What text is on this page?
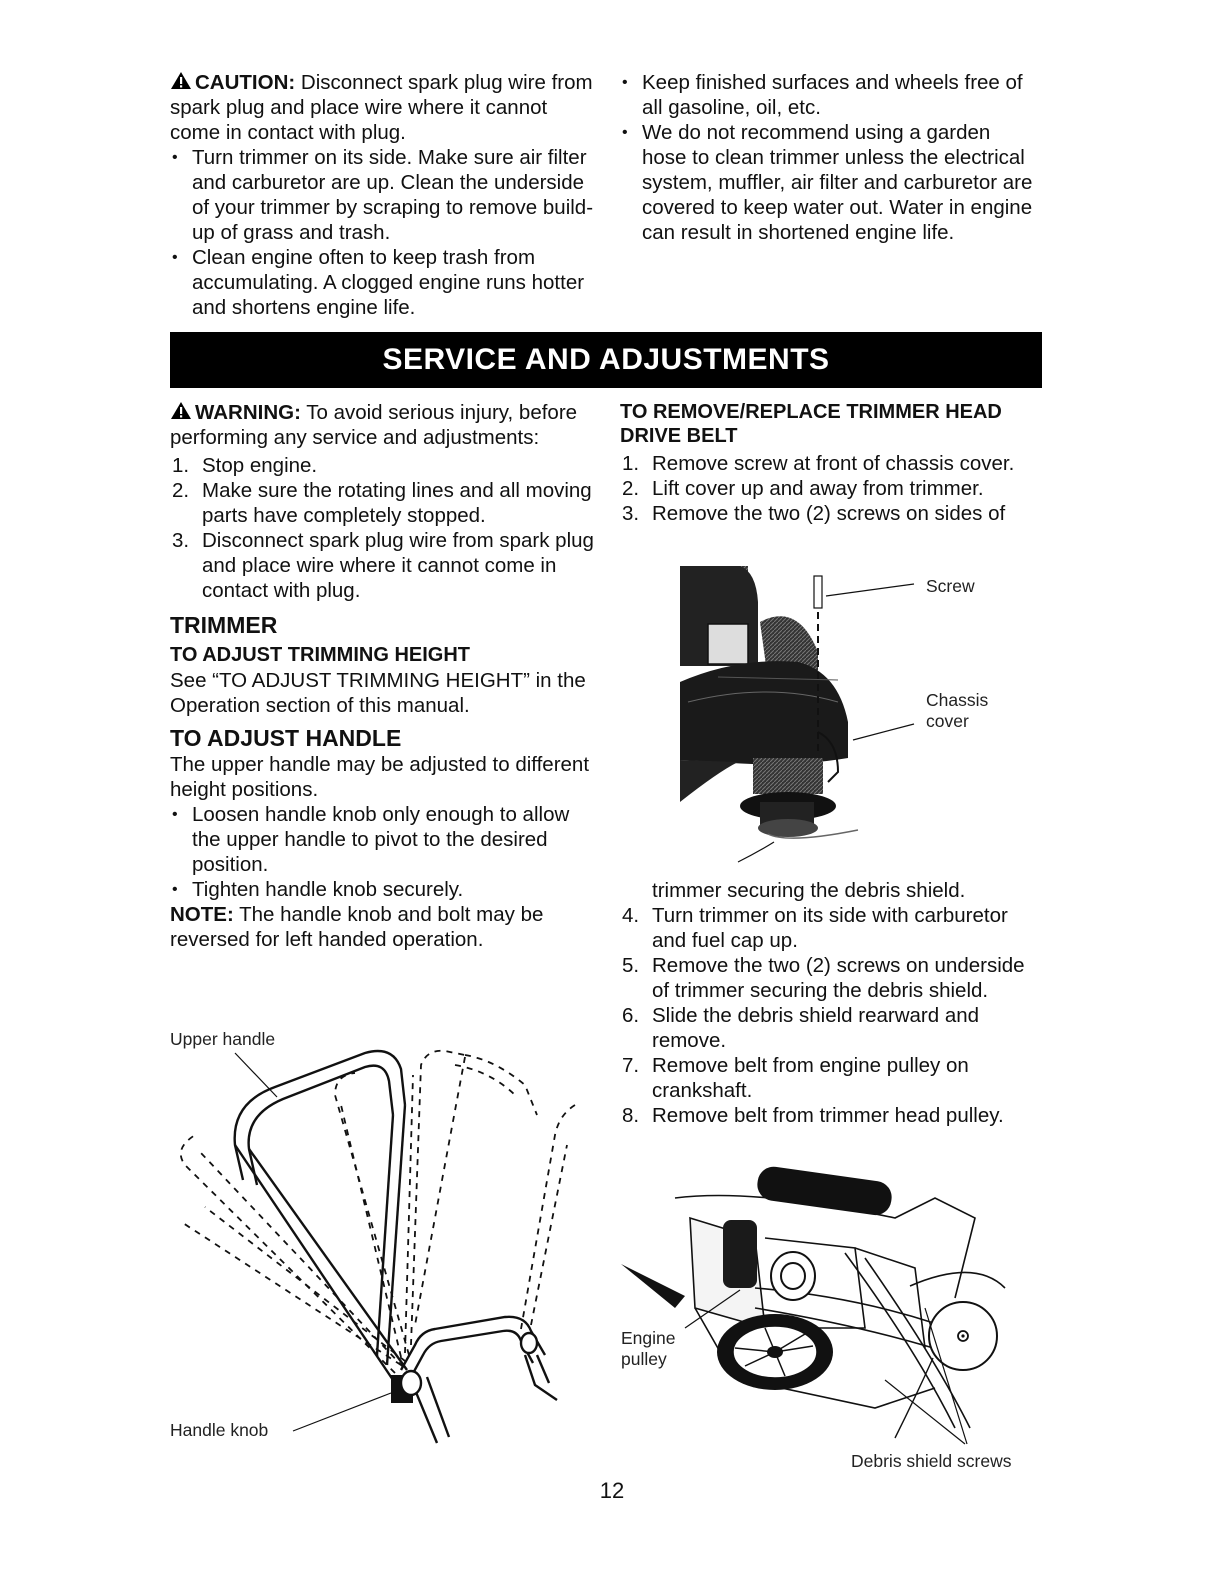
CAUTION: Disconnect spark plug wire from spark plug and place wire where it cannot come in contact with plug.

• Turn trimmer on its side. Make sure air filter and carburetor are up. Clean the underside of your trimmer by scraping to remove build-up of grass and trash.
• Clean engine often to keep trash from accumulating. A clogged engine runs hotter and shortens engine life.
• Keep finished surfaces and wheels free of all gasoline, oil, etc.
• We do not recommend using a garden hose to clean trimmer unless the electrical system, muffler, air filter and carburetor are covered to keep water out. Water in engine can result in shortened engine life.
SERVICE AND ADJUSTMENTS

WARNING: To avoid serious injury, before performing any service and adjustments:

1. Stop engine.
2. Make sure the rotating lines and all moving parts have completely stopped.
3. Disconnect spark plug wire from spark plug and place wire where it cannot come in contact with plug.
TRIMMER
TO ADJUST TRIMMING HEIGHT

See “TO ADJUST TRIMMING HEIGHT” in the Operation section of this manual.

TO ADJUST HANDLE

The upper handle may be adjusted to different height positions.

• Loosen handle knob only enough to allow the upper handle to pivot to the desired position.
• Tighten handle knob securely.

NOTE: The handle knob and bolt may be reversed for left handed operation.

Upper handle
Handle knob
TO REMOVE/REPLACE TRIMMER HEAD DRIVE BELT
1. Remove screw at front of chassis cover.
2. Lift cover up and away from trimmer.
3. Remove the two (2) screws on sides of
Screw
Chassis
cover

trimmer securing the debris shield.

4. Turn trimmer on its side with carburetor and fuel cap up.
5. Remove the two (2) screws on underside of trimmer securing the debris shield.
6. Slide the debris shield rearward and remove.
7. Remove belt from engine pulley on crankshaft.
8. Remove belt from trimmer head pulley.
Engine
pulley
Debris shield screws
12
